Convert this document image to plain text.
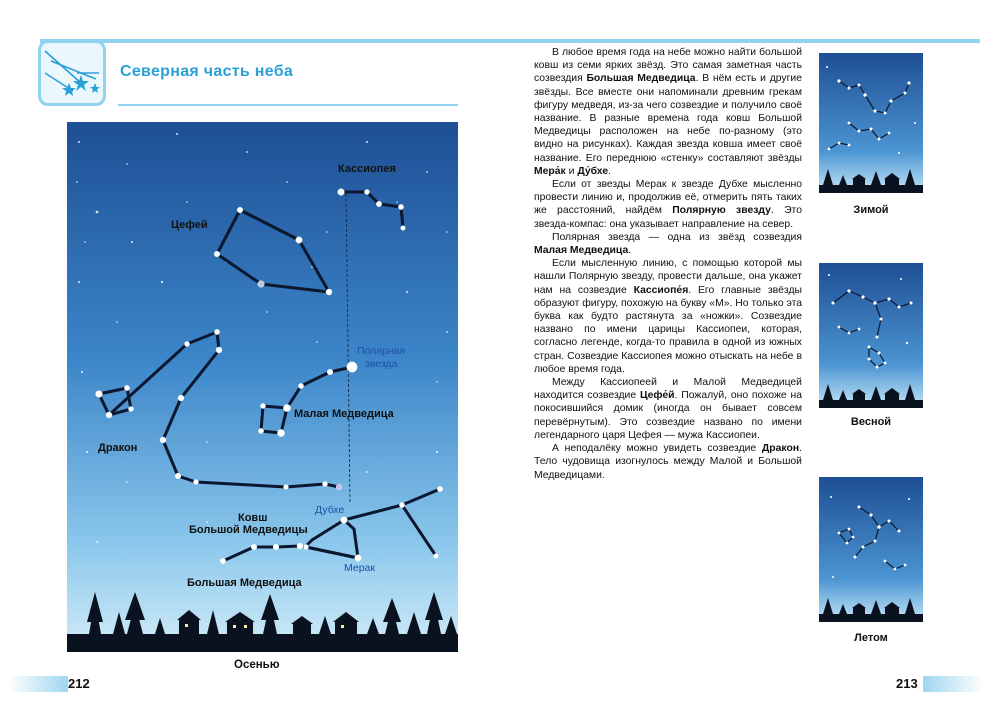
Северная часть неба
Кассиопея
Цефей
Полярная
звезда
Малая Медведица
Дракон
Дубхе
Ковш
Большой Медведицы
Мерак
Большая Медведица
Осенью

В любое время года на небе можно найти большой ковш из семи ярких звёзд. Это самая заметная часть созвездия Большая Медведица. В нём есть и другие звёзды. Все вместе они напоминали древним грекам фигуру медведя, из-за чего созвездие и получило своё название. В разные времена года ковш Большой Медведицы расположен на небе по-разному (это видно на рисунках). Каждая звезда ковша имеет своё название. Его переднюю «стенку» составляют звёзды Мера́к и Ду́бхе.

Если от звезды Мерак к звезде Дубхе мысленно провести линию и, продолжив её, отмерить пять таких же расстояний, найдём Полярную звезду. Это звезда-компас: она указывает направление на север.

Полярная звезда — одна из звёзд созвездия Малая Медведица.

Если мысленную линию, с помощью которой мы нашли Полярную звезду, провести дальше, она укажет нам на созвездие Кассиопе́я. Его главные звёзды образуют фигуру, похожую на букву «М». Но только эта буква как будто растянута за «ножки». Созвездие названо по имени царицы Кассиопеи, которая, согласно легенде, когда-то правила в одной из южных стран. Созвездие Кассиопея можно отыскать на небе в любое время года.

Между Кассиопеей и Малой Медведицей находится созвездие Цефе́й. Пожалуй, оно похоже на покосившийся домик (иногда он бывает совсем перевёрнутым). Это созвездие названо по имени легендарного царя Цефея — мужа Кассиопеи.

А неподалёку можно увидеть созвездие Дракон. Тело чудовища изогнулось между Малой и Большой Медведицами.

Зимой
Весной
Летом
212	213
